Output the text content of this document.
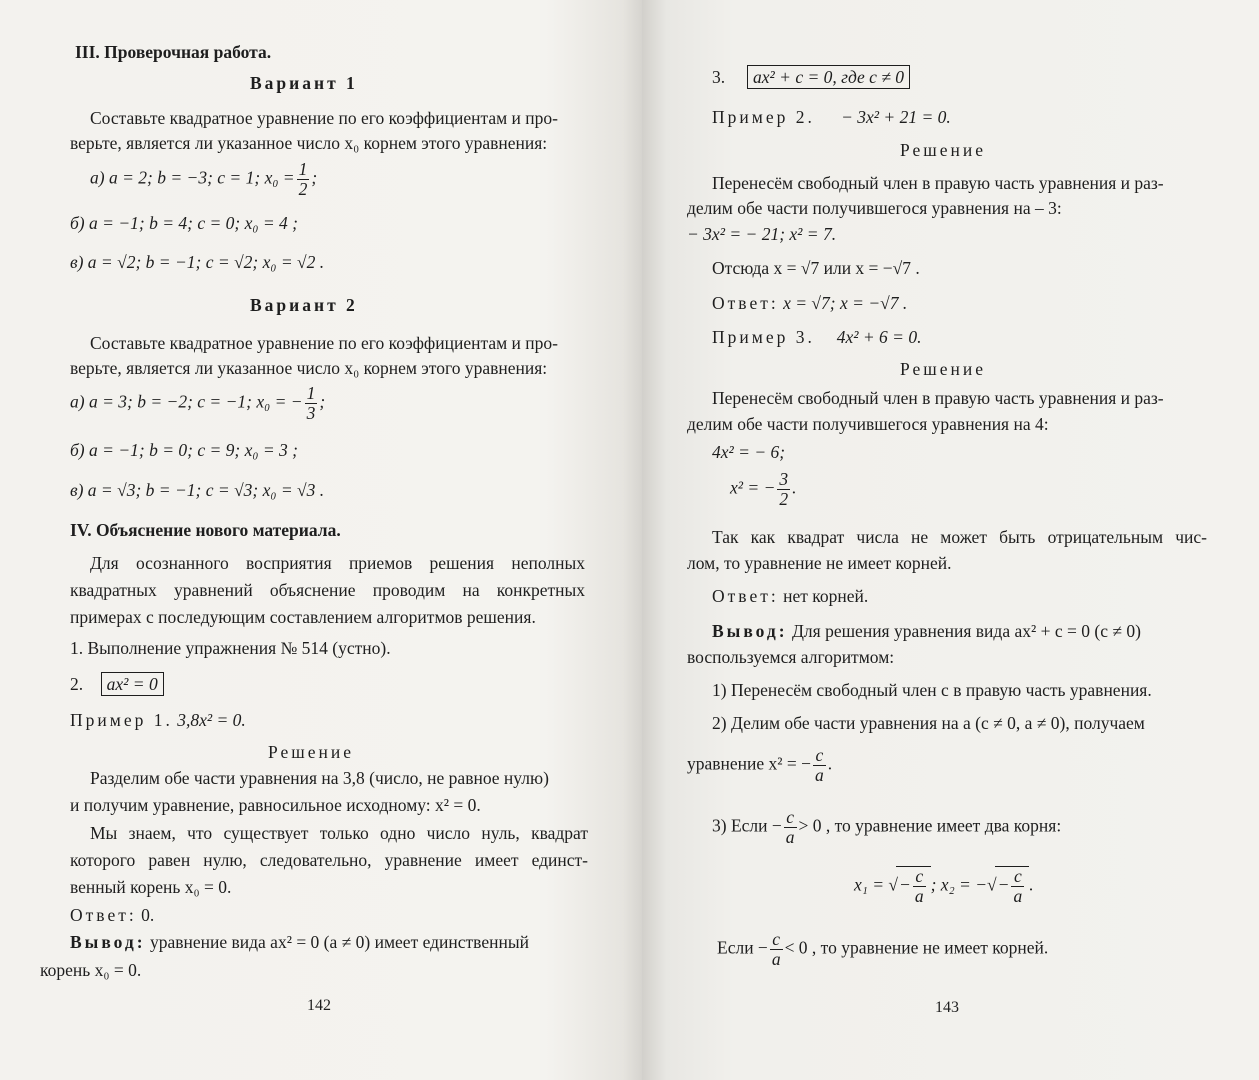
III. Проверочная работа.
Вариант 1
Составьте квадратное уравнение по его коэффициентам и про-
верьте, является ли указанное число x₀ корнем этого уравнения:
а) a = 2; b = −3; c = 1; $x_0 = \frac{1}{2}$ ;
б) a = −1; b = 4; c = 0; x₀ = 4 ;
в) a = √2; b = −1; c = √2; x₀ = √2 .
Вариант 2
Составьте квадратное уравнение по его коэффициентам и про-
верьте, является ли указанное число x₀ корнем этого уравнения:
а) a = 3; b = −2; c = −1; x₀ = − $\frac{1}{3}$ ;
б) a = −1; b = 0; c = 9; x₀ = 3 ;
в) a = √3; b = −1; c = √3; x₀ = √3 .
IV. Объяснение нового материала.
Для осознанного восприятия приемов решения неполных
квадратных уравнений объяснение проводим на конкретных
примерах с последующим составлением алгоритмов решения.
1. Выполнение упражнения № 514 (устно).
2. ax² = 0
Пример 1. 3,8x² = 0.
Решение
Разделим обе части уравнения на 3,8 (число, не равное нулю)
и получим уравнение, равносильное исходному: x² = 0.
Мы знаем, что существует только одно число нуль, квадрат
которого равен нулю, следовательно, уравнение имеет единст-
венный корень x₀ = 0.
Ответ: 0.
Вывод: уравнение вида ax² = 0 (a ≠ 0) имеет единственный
корень x₀ = 0.
142
3. ax² + c = 0, где c ≠ 0
Пример 2. − 3x² + 21 = 0.
Решение
Перенесём свободный член в правую часть уравнения и раз-
делим обе части получившегося уравнения на – 3:
− 3x² = − 21; x² = 7.
Отсюда x = √7 или x = −√7 .
Ответ: x = √7; x = −√7 .
Пример 3. 4x² + 6 = 0.
Решение
Перенесём свободный член в правую часть уравнения и раз-
делим обе части получившегося уравнения на 4:
4x² = − 6;
x² = − $\frac{3}{2}$ .
Так как квадрат числа не может быть отрицательным чис-
лом, то уравнение не имеет корней.
Ответ: нет корней.
Вывод: Для решения уравнения вида ax² + c = 0 (c ≠ 0)
воспользуемся алгоритмом:
1) Перенесём свободный член c в правую часть уравнения.
2) Делим обе части уравнения на a (c ≠ 0, a ≠ 0), получаем
уравнение x² = − $\frac{c}{a}$ .
3) Если − $\frac{c}{a} > 0$ , то уравнение имеет два корня:
x₁ = √− $\frac{c}{a}$ ; x₂ = −√− $\frac{c}{a}$ .
Если − $\frac{c}{a} < 0$ , то уравнение не имеет корней.
143
